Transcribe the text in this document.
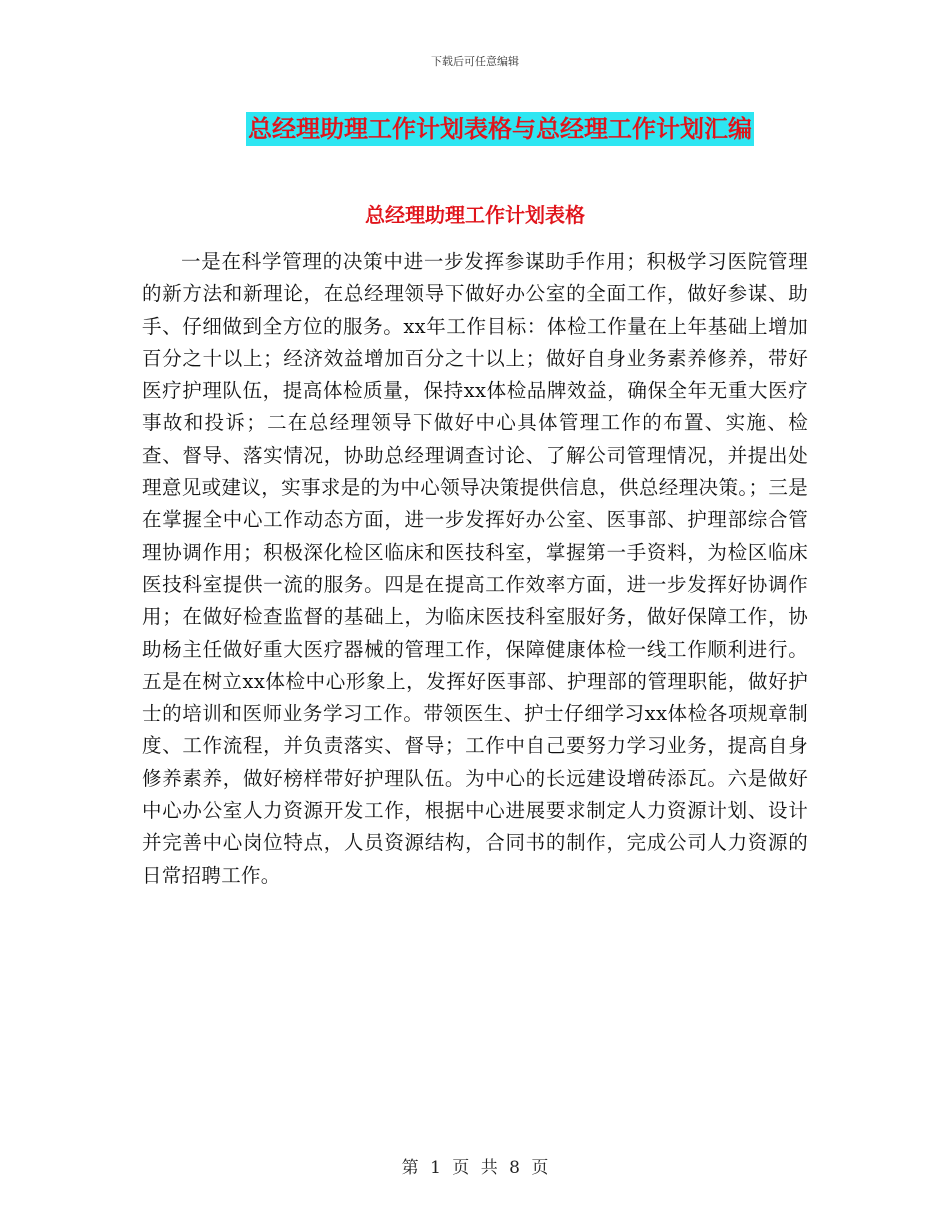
下载后可任意编辑
总经理助理工作计划表格与总经理工作计划汇编
总经理助理工作计划表格

一是在科学管理的决策中进一步发挥参谋助手作用；积极学习医院管理的新方法和新理论，在总经理领导下做好办公室的全面工作，做好参谋、助手、仔细做到全方位的服务。xx年工作目标：体检工作量在上年基础上增加百分之十以上；经济效益增加百分之十以上；做好自身业务素养修养，带好医疗护理队伍，提高体检质量，保持xx体检品牌效益，确保全年无重大医疗事故和投诉；二在总经理领导下做好中心具体管理工作的布置、实施、检查、督导、落实情况，协助总经理调查讨论、了解公司管理情况，并提出处理意见或建议，实事求是的为中心领导决策提供信息，供总经理决策。；三是在掌握全中心工作动态方面，进一步发挥好办公室、医事部、护理部综合管理协调作用；积极深化检区临床和医技科室，掌握第一手资料，为检区临床医技科室提供一流的服务。四是在提高工作效率方面，进一步发挥好协调作用；在做好检查监督的基础上，为临床医技科室服好务，做好保障工作，协助杨主任做好重大医疗器械的管理工作，保障健康体检一线工作顺利进行。五是在树立xx体检中心形象上，发挥好医事部、护理部的管理职能，做好护士的培训和医师业务学习工作。带领医生、护士仔细学习xx体检各项规章制度、工作流程，并负责落实、督导；工作中自己要努力学习业务，提高自身修养素养，做好榜样带好护理队伍。为中心的长远建设增砖添瓦。六是做好中心办公室人力资源开发工作，根据中心进展要求制定人力资源计划、设计并完善中心岗位特点，人员资源结构，合同书的制作，完成公司人力资源的日常招聘工作。

第 1 页 共 8 页
